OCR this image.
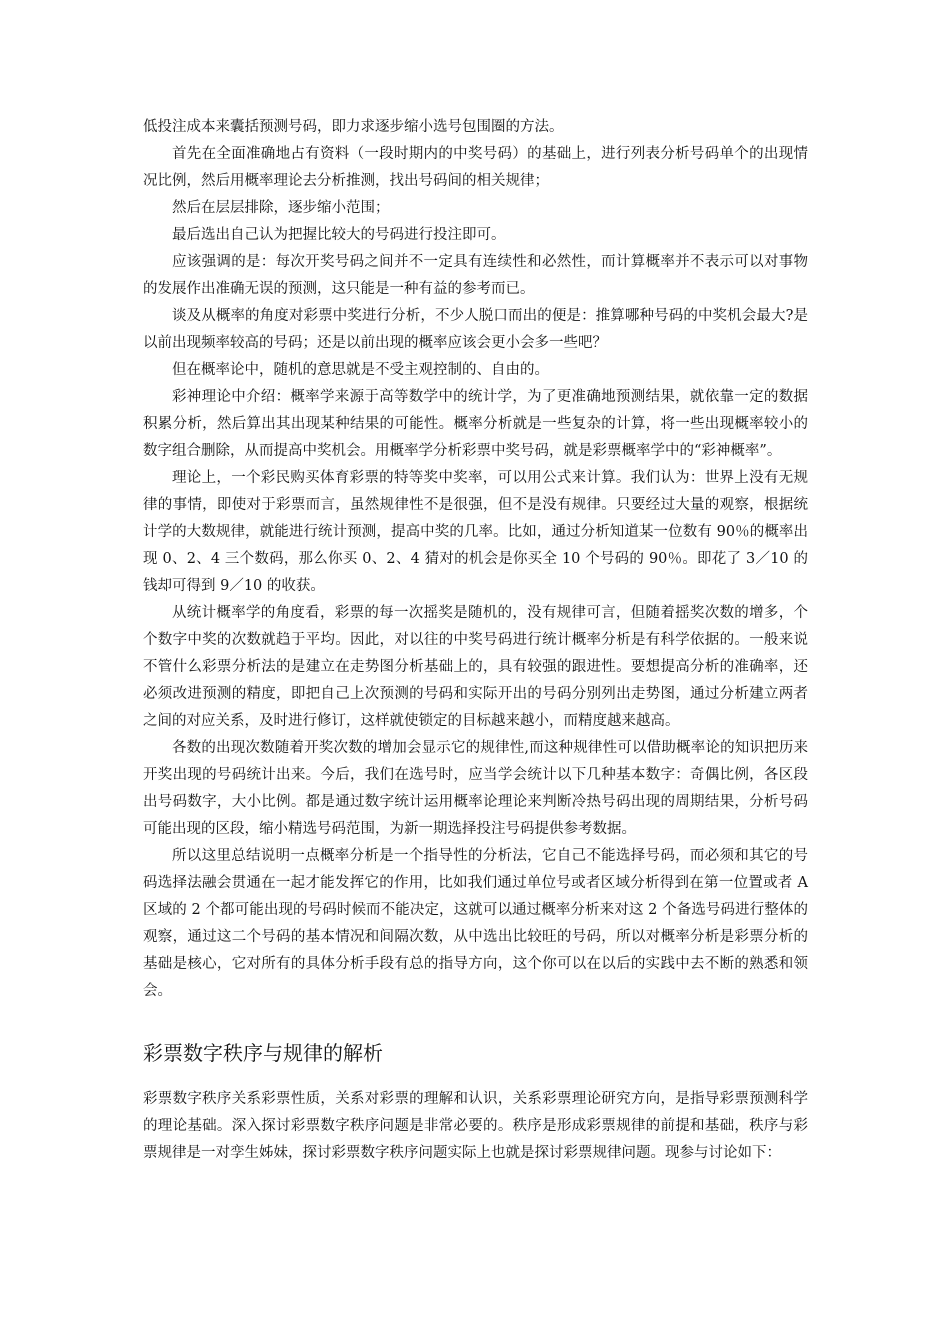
低投注成本来囊括预测号码，即力求逐步缩小选号包围圈的方法。

首先在全面准确地占有资料（一段时期内的中奖号码）的基础上，进行列表分析号码单个的出现情况比例，然后用概率理论去分析推测，找出号码间的相关规律；

然后在层层排除，逐步缩小范围；

最后选出自己认为把握比较大的号码进行投注即可。

应该强调的是：每次开奖号码之间并不一定具有连续性和必然性，而计算概率并不表示可以对事物的发展作出准确无误的预测，这只能是一种有益的参考而已。

谈及从概率的角度对彩票中奖进行分析，不少人脱口而出的便是：推算哪种号码的中奖机会最大?是以前出现频率较高的号码；还是以前出现的概率应该会更小会多一些吧？

但在概率论中，随机的意思就是不受主观控制的、自由的。

彩神理论中介绍：概率学来源于高等数学中的统计学，为了更准确地预测结果，就依靠一定的数据积累分析，然后算出其出现某种结果的可能性。概率分析就是一些复杂的计算，将一些出现概率较小的数字组合删除，从而提高中奖机会。用概率学分析彩票中奖号码，就是彩票概率学中的“彩神概率”。

理论上，一个彩民购买体育彩票的特等奖中奖率，可以用公式来计算。我们认为：世界上没有无规律的事情，即使对于彩票而言，虽然规律性不是很强，但不是没有规律。只要经过大量的观察，根据统计学的大数规律，就能进行统计预测，提高中奖的几率。比如，通过分析知道某一位数有 90％的概率出现 0、2、4 三个数码，那么你买 0、2、4 猜对的机会是你买全 10 个号码的 90％。即花了 3／10 的钱却可得到 9／10 的收获。

从统计概率学的角度看，彩票的每一次摇奖是随机的，没有规律可言，但随着摇奖次数的增多，个个数字中奖的次数就趋于平均。因此，对以往的中奖号码进行统计概率分析是有科学依据的。一般来说不管什么彩票分析法的是建立在走势图分析基础上的，具有较强的跟进性。要想提高分析的准确率，还必须改进预测的精度，即把自己上次预测的号码和实际开出的号码分别列出走势图，通过分析建立两者之间的对应关系，及时进行修订，这样就使锁定的目标越来越小，而精度越来越高。

各数的出现次数随着开奖次数的增加会显示它的规律性,而这种规律性可以借助概率论的知识把历来开奖出现的号码统计出来。今后，我们在选号时，应当学会统计以下几种基本数字：奇偶比例，各区段出号码数字，大小比例。都是通过数字统计运用概率论理论来判断冷热号码出现的周期结果，分析号码可能出现的区段，缩小精选号码范围，为新一期选择投注号码提供参考数据。

所以这里总结说明一点概率分析是一个指导性的分析法，它自己不能选择号码，而必须和其它的号码选择法融会贯通在一起才能发挥它的作用，比如我们通过单位号或者区域分析得到在第一位置或者 A 区域的 2 个都可能出现的号码时候而不能决定，这就可以通过概率分析来对这 2 个备选号码进行整体的观察，通过这二个号码的基本情况和间隔次数，从中选出比较旺的号码，所以对概率分析是彩票分析的基础是核心，它对所有的具体分析手段有总的指导方向，这个你可以在以后的实践中去不断的熟悉和领会。

彩票数字秩序与规律的解析

彩票数字秩序关系彩票性质，关系对彩票的理解和认识，关系彩票理论研究方向，是指导彩票预测科学的理论基础。深入探讨彩票数字秩序问题是非常必要的。秩序是形成彩票规律的前提和基础，秩序与彩票规律是一对孪生姊妹，探讨彩票数字秩序问题实际上也就是探讨彩票规律问题。现参与讨论如下：
